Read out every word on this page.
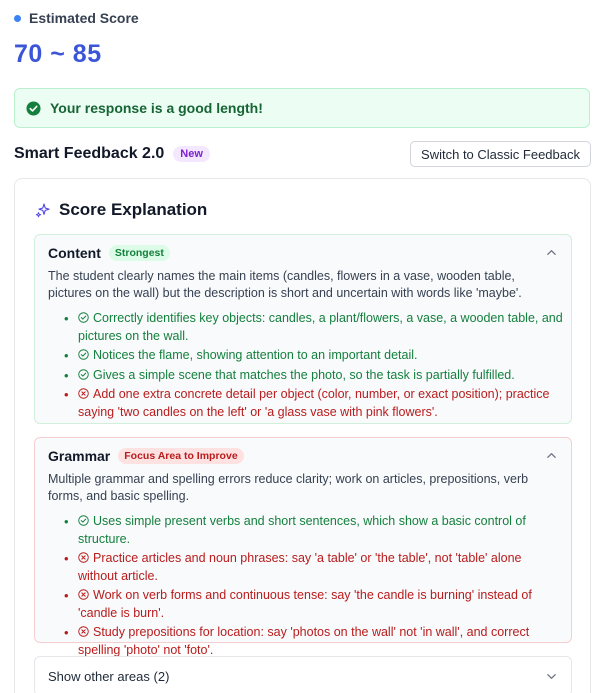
Estimated Score
70 ~ 85
Your response is a good length!
Smart Feedback 2.0	New	Switch to Classic Feedback
Score Explanation
Content	Strongest
The student clearly names the main items (candles, flowers in a vase, wooden table, pictures on the wall) but the description is short and uncertain with words like 'maybe'.
• Correctly identifies key objects: candles, a plant/flowers, a vase, a wooden table, and pictures on the wall.
• Notices the flame, showing attention to an important detail.
• Gives a simple scene that matches the photo, so the task is partially fulfilled.
• Add one extra concrete detail per object (color, number, or exact position); practice saying 'two candles on the left' or 'a glass vase with pink flowers'.
Grammar	Focus Area to Improve
Multiple grammar and spelling errors reduce clarity; work on articles, prepositions, verb forms, and basic spelling.
• Uses simple present verbs and short sentences, which show a basic control of structure.
• Practice articles and noun phrases: say 'a table' or 'the table', not 'table' alone without article.
• Work on verb forms and continuous tense: say 'the candle is burning' instead of 'candle is burn'.
• Study prepositions for location: say 'photos on the wall' not 'in wall', and correct spelling 'photo' not 'foto'.
Show other areas (2)
